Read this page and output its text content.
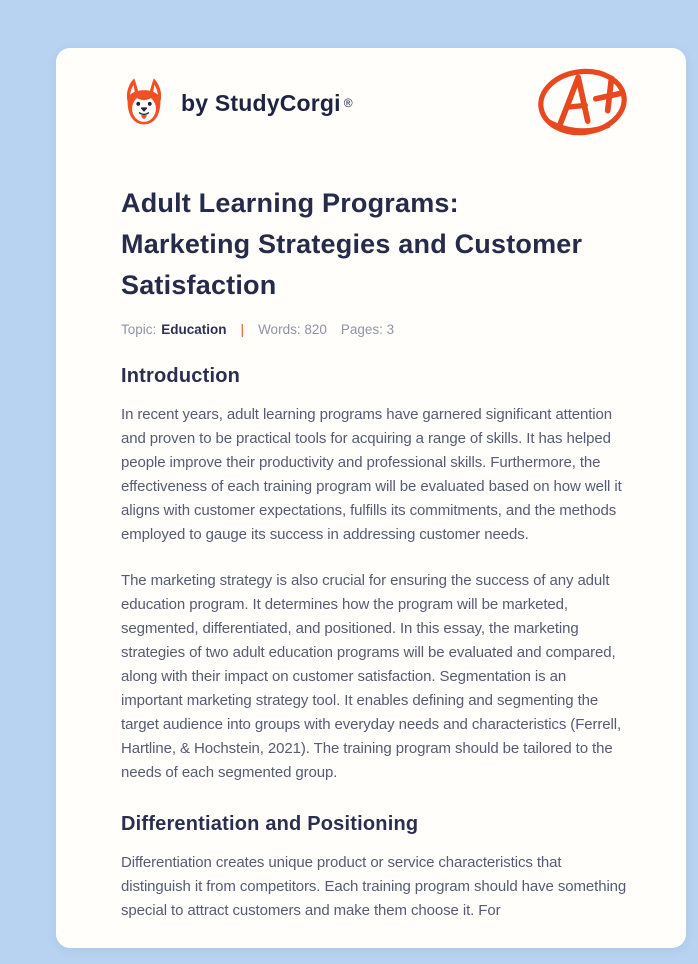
by StudyCorgi ®
Adult Learning Programs:
Marketing Strategies and Customer
Satisfaction
Topic: Education | Words: 820 Pages: 3
Introduction

In recent years, adult learning programs have garnered significant attention and proven to be practical tools for acquiring a range of skills. It has helped people improve their productivity and professional skills. Furthermore, the effectiveness of each training program will be evaluated based on how well it aligns with customer expectations, fulfills its commitments, and the methods employed to gauge its success in addressing customer needs.

The marketing strategy is also crucial for ensuring the success of any adult education program. It determines how the program will be marketed, segmented, differentiated, and positioned. In this essay, the marketing strategies of two adult education programs will be evaluated and compared, along with their impact on customer satisfaction. Segmentation is an important marketing strategy tool. It enables defining and segmenting the target audience into groups with everyday needs and characteristics (Ferrell, Hartline, & Hochstein, 2021). The training program should be tailored to the needs of each segmented group.

Differentiation and Positioning

Differentiation creates unique product or service characteristics that distinguish it from competitors. Each training program should have something special to attract customers and make them choose it. For
